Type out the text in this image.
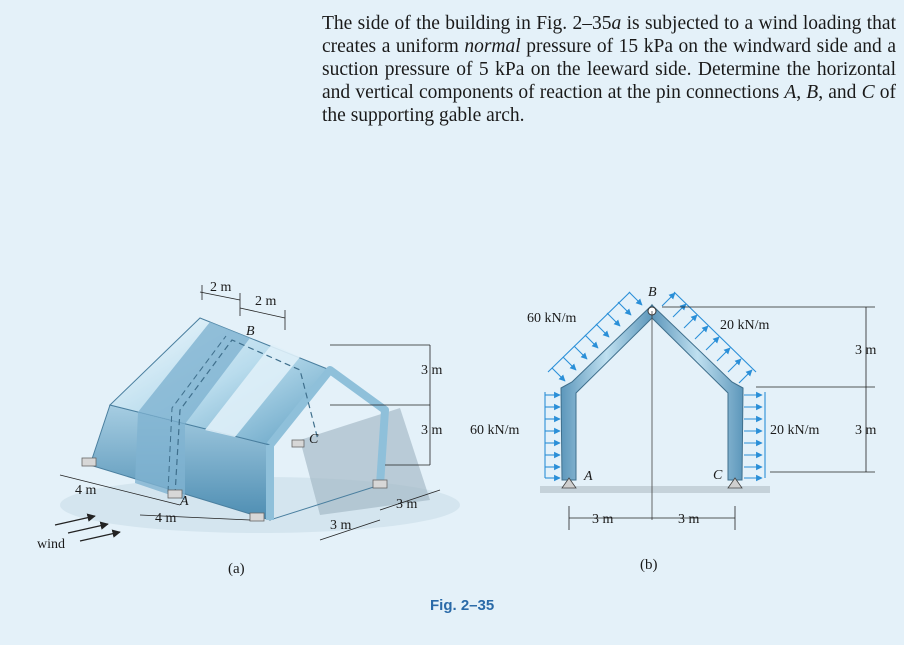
The side of the building in Fig. 2–35a is subjected to a wind loading that creates a uniform normal pressure of 15 kPa on the windward side and a suction pressure of 5 kPa on the leeward side. Determine the horizontal and vertical components of reaction at the pin connections A, B, and C of the supporting gable arch.

2 m
2 m
B
C
A
3 m
3 m
4 m
4 m
3 m
3 m
wind
(a)
60 kN/m
60 kN/m
20 kN/m
20 kN/m
A
B
C
3 m
3 m
3 m	3 m
(b)
Fig. 2–35
